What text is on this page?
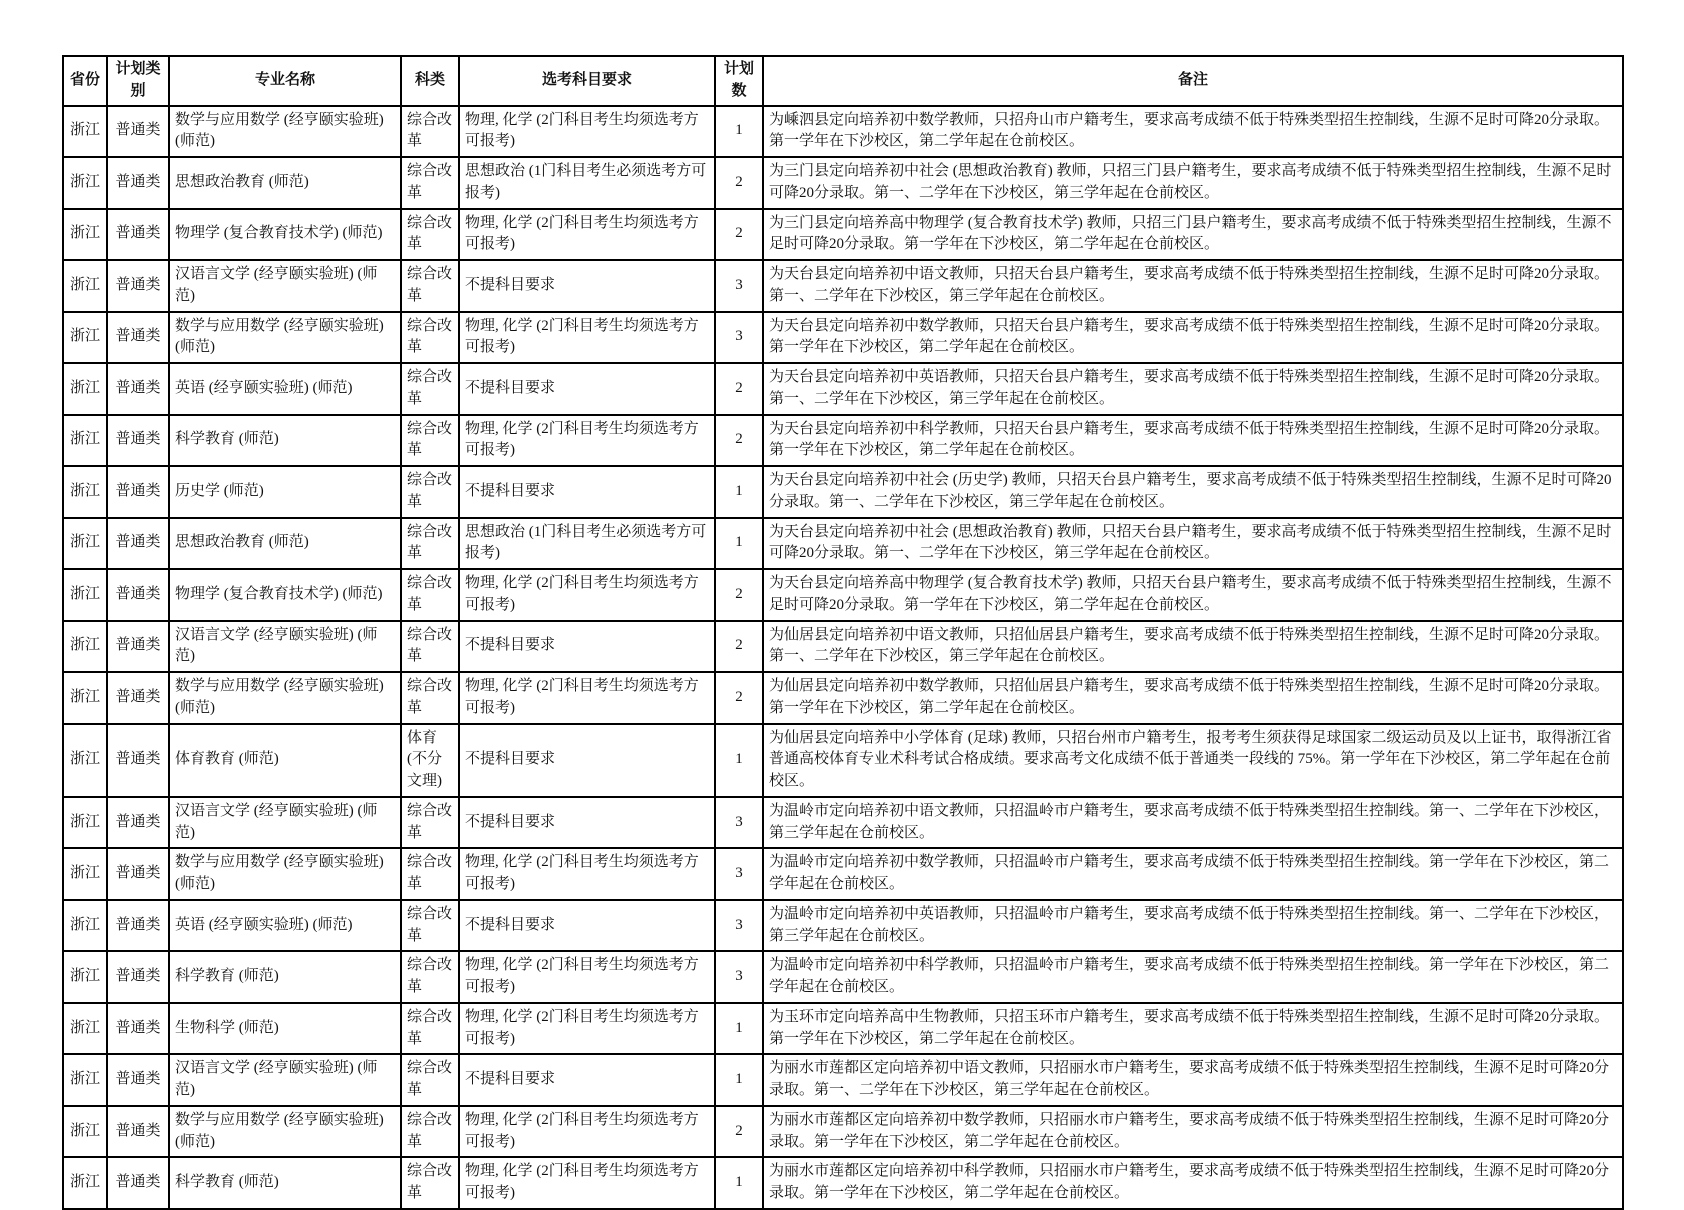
省份	计划类别	专业名称	科类	选考科目要求	计划数	备注
浙江	普通类	数学与应用数学 (经亨颐实验班) (师范)	综合改革	物理, 化学 (2门科目考生均须选考方可报考)	1	为嵊泗县定向培养初中数学教师，只招舟山市户籍考生，要求高考成绩不低于特殊类型招生控制线，生源不足时可降20分录取。第一学年在下沙校区，第二学年起在仓前校区。
浙江	普通类	思想政治教育 (师范)	综合改革	思想政治 (1门科目考生必须选考方可报考)	2	为三门县定向培养初中社会 (思想政治教育) 教师，只招三门县户籍考生，要求高考成绩不低于特殊类型招生控制线，生源不足时可降20分录取。第一、二学年在下沙校区，第三学年起在仓前校区。
浙江	普通类	物理学 (复合教育技术学) (师范)	综合改革	物理, 化学 (2门科目考生均须选考方可报考)	2	为三门县定向培养高中物理学 (复合教育技术学) 教师，只招三门县户籍考生，要求高考成绩不低于特殊类型招生控制线，生源不足时可降20分录取。第一学年在下沙校区，第二学年起在仓前校区。
浙江	普通类	汉语言文学 (经亨颐实验班) (师范)	综合改革	不提科目要求	3	为天台县定向培养初中语文教师，只招天台县户籍考生，要求高考成绩不低于特殊类型招生控制线，生源不足时可降20分录取。第一、二学年在下沙校区，第三学年起在仓前校区。
浙江	普通类	数学与应用数学 (经亨颐实验班) (师范)	综合改革	物理, 化学 (2门科目考生均须选考方可报考)	3	为天台县定向培养初中数学教师，只招天台县户籍考生，要求高考成绩不低于特殊类型招生控制线，生源不足时可降20分录取。第一学年在下沙校区，第二学年起在仓前校区。
浙江	普通类	英语 (经亨颐实验班) (师范)	综合改革	不提科目要求	2	为天台县定向培养初中英语教师，只招天台县户籍考生，要求高考成绩不低于特殊类型招生控制线，生源不足时可降20分录取。第一、二学年在下沙校区，第三学年起在仓前校区。
浙江	普通类	科学教育 (师范)	综合改革	物理, 化学 (2门科目考生均须选考方可报考)	2	为天台县定向培养初中科学教师，只招天台县户籍考生，要求高考成绩不低于特殊类型招生控制线，生源不足时可降20分录取。第一学年在下沙校区，第二学年起在仓前校区。
浙江	普通类	历史学 (师范)	综合改革	不提科目要求	1	为天台县定向培养初中社会 (历史学) 教师，只招天台县户籍考生，要求高考成绩不低于特殊类型招生控制线，生源不足时可降20分录取。第一、二学年在下沙校区，第三学年起在仓前校区。
浙江	普通类	思想政治教育 (师范)	综合改革	思想政治 (1门科目考生必须选考方可报考)	1	为天台县定向培养初中社会 (思想政治教育) 教师，只招天台县户籍考生，要求高考成绩不低于特殊类型招生控制线，生源不足时可降20分录取。第一、二学年在下沙校区，第三学年起在仓前校区。
浙江	普通类	物理学 (复合教育技术学) (师范)	综合改革	物理, 化学 (2门科目考生均须选考方可报考)	2	为天台县定向培养高中物理学 (复合教育技术学) 教师，只招天台县户籍考生，要求高考成绩不低于特殊类型招生控制线，生源不足时可降20分录取。第一学年在下沙校区，第二学年起在仓前校区。
浙江	普通类	汉语言文学 (经亨颐实验班) (师范)	综合改革	不提科目要求	2	为仙居县定向培养初中语文教师，只招仙居县户籍考生，要求高考成绩不低于特殊类型招生控制线，生源不足时可降20分录取。第一、二学年在下沙校区，第三学年起在仓前校区。
浙江	普通类	数学与应用数学 (经亨颐实验班) (师范)	综合改革	物理, 化学 (2门科目考生均须选考方可报考)	2	为仙居县定向培养初中数学教师，只招仙居县户籍考生，要求高考成绩不低于特殊类型招生控制线，生源不足时可降20分录取。第一学年在下沙校区，第二学年起在仓前校区。
浙江	普通类	体育教育 (师范)	体育(不分文理)	不提科目要求	1	为仙居县定向培养中小学体育 (足球) 教师，只招台州市户籍考生，报考考生须获得足球国家二级运动员及以上证书，取得浙江省普通高校体育专业术科考试合格成绩。要求高考文化成绩不低于普通类一段线的 75%。第一学年在下沙校区，第二学年起在仓前校区。
浙江	普通类	汉语言文学 (经亨颐实验班) (师范)	综合改革	不提科目要求	3	为温岭市定向培养初中语文教师，只招温岭市户籍考生，要求高考成绩不低于特殊类型招生控制线。第一、二学年在下沙校区，第三学年起在仓前校区。
浙江	普通类	数学与应用数学 (经亨颐实验班) (师范)	综合改革	物理, 化学 (2门科目考生均须选考方可报考)	3	为温岭市定向培养初中数学教师，只招温岭市户籍考生，要求高考成绩不低于特殊类型招生控制线。第一学年在下沙校区，第二学年起在仓前校区。
浙江	普通类	英语 (经亨颐实验班) (师范)	综合改革	不提科目要求	3	为温岭市定向培养初中英语教师，只招温岭市户籍考生，要求高考成绩不低于特殊类型招生控制线。第一、二学年在下沙校区，第三学年起在仓前校区。
浙江	普通类	科学教育 (师范)	综合改革	物理, 化学 (2门科目考生均须选考方可报考)	3	为温岭市定向培养初中科学教师，只招温岭市户籍考生，要求高考成绩不低于特殊类型招生控制线。第一学年在下沙校区，第二学年起在仓前校区。
浙江	普通类	生物科学 (师范)	综合改革	物理, 化学 (2门科目考生均须选考方可报考)	1	为玉环市定向培养高中生物教师，只招玉环市户籍考生，要求高考成绩不低于特殊类型招生控制线，生源不足时可降20分录取。第一学年在下沙校区，第二学年起在仓前校区。
浙江	普通类	汉语言文学 (经亨颐实验班) (师范)	综合改革	不提科目要求	1	为丽水市莲都区定向培养初中语文教师，只招丽水市户籍考生，要求高考成绩不低于特殊类型招生控制线，生源不足时可降20分录取。第一、二学年在下沙校区，第三学年起在仓前校区。
浙江	普通类	数学与应用数学 (经亨颐实验班) (师范)	综合改革	物理, 化学 (2门科目考生均须选考方可报考)	2	为丽水市莲都区定向培养初中数学教师，只招丽水市户籍考生，要求高考成绩不低于特殊类型招生控制线，生源不足时可降20分录取。第一学年在下沙校区，第二学年起在仓前校区。
浙江	普通类	科学教育 (师范)	综合改革	物理, 化学 (2门科目考生均须选考方可报考)	1	为丽水市莲都区定向培养初中科学教师，只招丽水市户籍考生，要求高考成绩不低于特殊类型招生控制线，生源不足时可降20分录取。第一学年在下沙校区，第二学年起在仓前校区。
